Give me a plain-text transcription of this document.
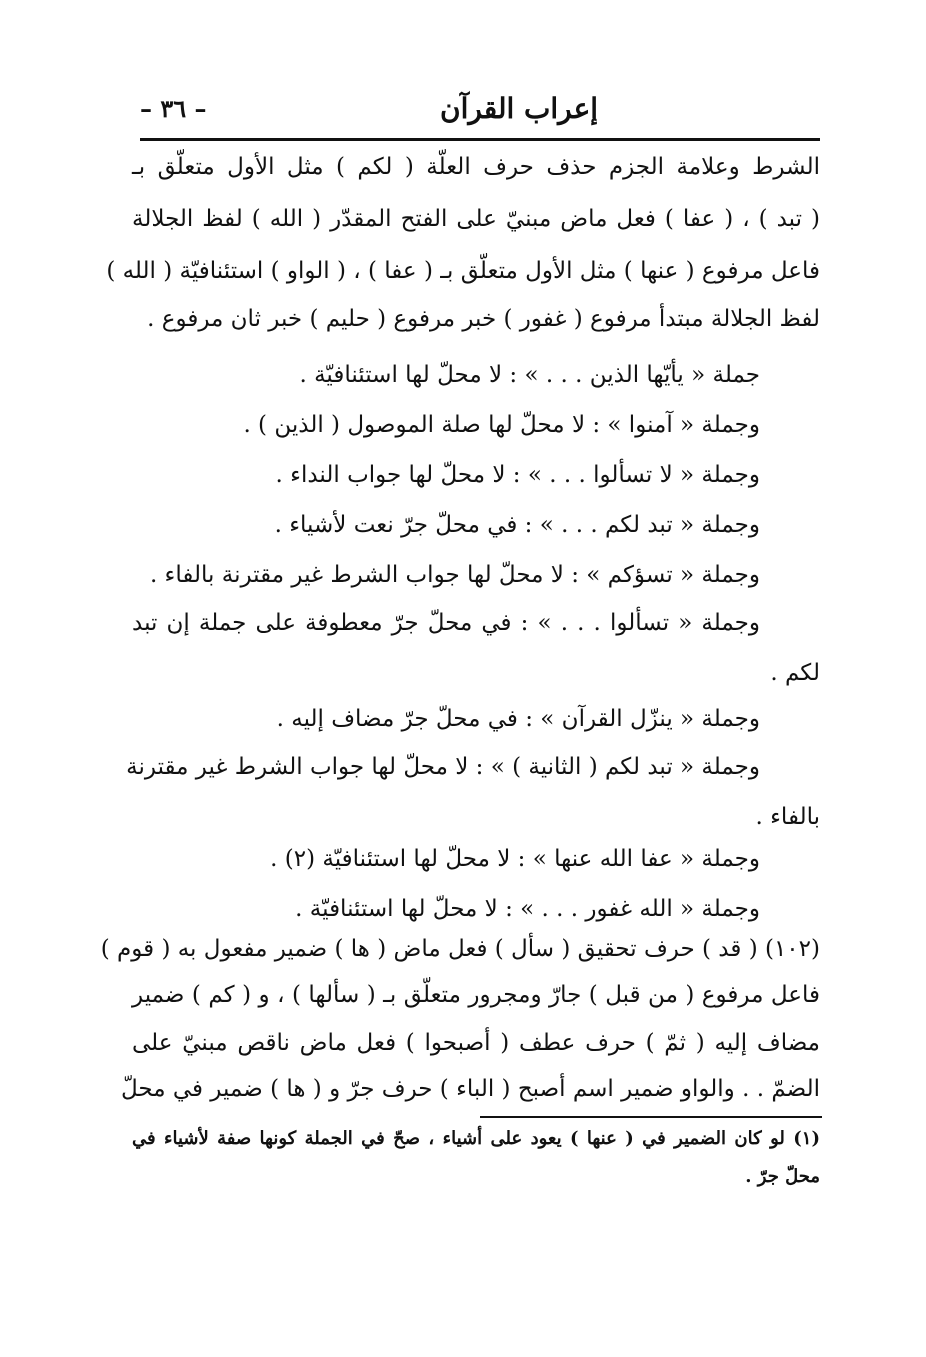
– ٣٦ –	إعراب القرآن
الشرط وعلامة الجزم حذف حرف العلّة ( لكم ) مثل الأول متعلّق بـ
( تبد ) ، ( عفا ) فعل ماض مبنيّ على الفتح المقدّر ( الله ) لفظ الجلالة
فاعل مرفوع ( عنها ) مثل الأول متعلّق بـ ( عفا ) ، ( الواو ) استئنافيّة ( الله )
لفظ الجلالة مبتدأ مرفوع ( غفور ) خبر مرفوع ( حليم ) خبر ثان مرفوع .
جملة « يأيّها الذين . . . » : لا محلّ لها استئنافيّة .
وجملة « آمنوا » : لا محلّ لها صلة الموصول ( الذين ) .
وجملة « لا تسألوا . . . » : لا محلّ لها جواب النداء .
وجملة « تبد لكم . . . » : في محلّ جرّ نعت لأشياء .
وجملة « تسؤكم » : لا محلّ لها جواب الشرط غير مقترنة بالفاء .
وجملة « تسألوا . . . » : في محلّ جرّ معطوفة على جملة إن تبد
لكم .
وجملة « ينزّل القرآن » : في محلّ جرّ مضاف إليه .
وجملة « تبد لكم ( الثانية ) » : لا محلّ لها جواب الشرط غير مقترنة
بالفاء .
وجملة « عفا الله عنها » : لا محلّ لها استئنافيّة (٢) .
وجملة « الله غفور . . . » : لا محلّ لها استئنافيّة .
(١٠٢) ( قد ) حرف تحقيق ( سأل ) فعل ماض ( ها ) ضمير مفعول به ( قوم )
فاعل مرفوع ( من قبل ) جارّ ومجرور متعلّق بـ ( سألها ) ، و ( كم ) ضمير
مضاف إليه ( ثمّ ) حرف عطف ( أصبحوا ) فعل ماض ناقص مبنيّ على
الضمّ . . والواو ضمير اسم أصبح ( الباء ) حرف جرّ و ( ها ) ضمير في محلّ
(١) لو كان الضمير في ( عنها ) يعود على أشياء ، صحّ في الجملة كونها صفة لأشياء في
محلّ جرّ .
